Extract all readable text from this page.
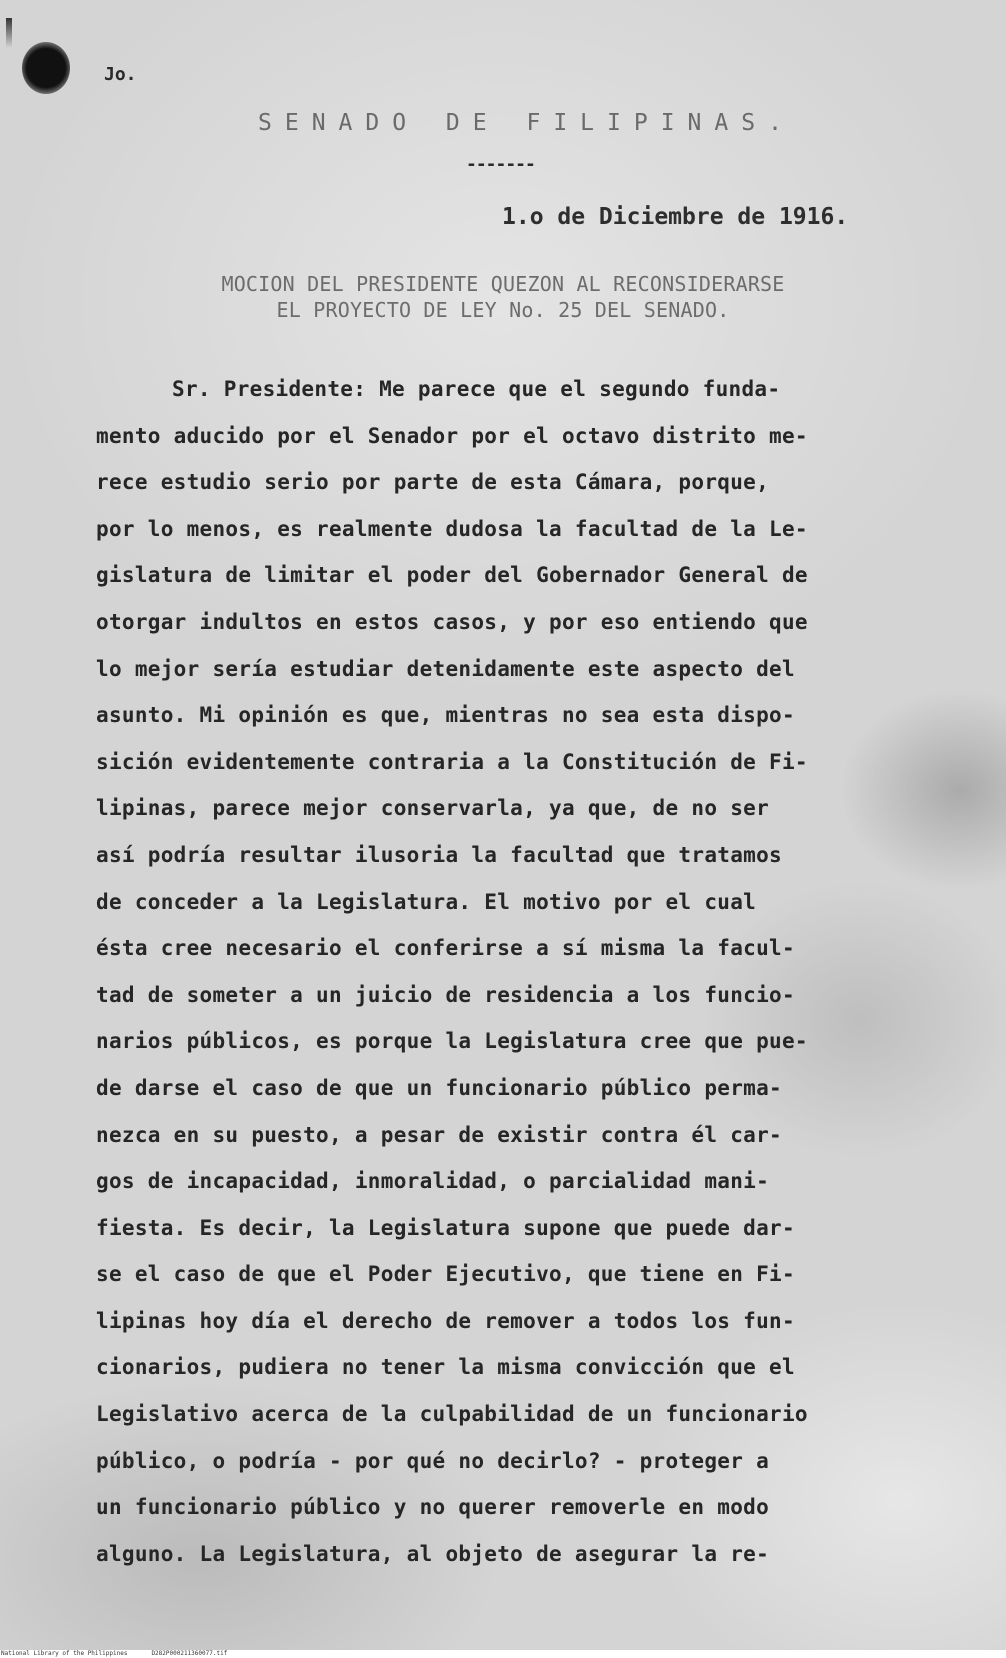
Jo.
SENADO DE FILIPINAS.
-------
1.o de Diciembre de 1916.
MOCION DEL PRESIDENTE QUEZON AL RECONSIDERARSE
EL PROYECTO DE LEY No. 25 DEL SENADO.
Sr. Presidente: Me parece que el segundo funda-
mento aducido por el Senador por el octavo distrito me-
rece estudio serio por parte de esta Cámara, porque,
por lo menos, es realmente dudosa la facultad de la Le-
gislatura de limitar el poder del Gobernador General de
otorgar indultos en estos casos, y por eso entiendo que
lo mejor sería estudiar detenidamente este aspecto del
asunto. Mi opinión es que, mientras no sea esta dispo-
sición evidentemente contraria a la Constitución de Fi-
lipinas, parece mejor conservarla, ya que, de no ser
así podría resultar ilusoria la facultad que tratamos
de conceder a la Legislatura. El motivo por el cual
ésta cree necesario el conferirse a sí misma la facul-
tad de someter a un juicio de residencia a los funcio-
narios públicos, es porque la Legislatura cree que pue-
de darse el caso de que un funcionario público perma-
nezca en su puesto, a pesar de existir contra él car-
gos de incapacidad, inmoralidad, o parcialidad mani-
fiesta. Es decir, la Legislatura supone que puede dar-
se el caso de que el Poder Ejecutivo, que tiene en Fi-
lipinas hoy día el derecho de remover a todos los fun-
cionarios, pudiera no tener la misma convicción que el
Legislativo acerca de la culpabilidad de un funcionario
público, o podría - por qué no decirlo? - proteger a
un funcionario público y no querer removerle en modo
alguno. La Legislatura, al objeto de asegurar la re-
National Library of the Philippines	D282P000211360077.tif
